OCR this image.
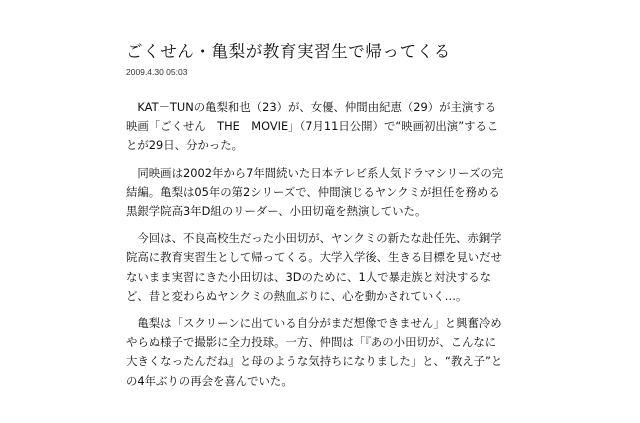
ごくせん・亀梨が教育実習生で帰ってくる
2009.4.30 05:03

KAT－TUNの亀梨和也（23）が、女優、仲間由紀恵（29）が主演する映画「ごくせん　THE　MOVIE」（7月11日公開）で“映画初出演”することが29日、分かった。

同映画は2002年から7年間続いた日本テレビ系人気ドラマシリーズの完結編。亀梨は05年の第2シリーズで、仲間演じるヤンクミが担任を務める黒銀学院高3年D組のリーダー、小田切竜を熱演していた。

今回は、不良高校生だった小田切が、ヤンクミの新たな赴任先、赤銅学院高に教育実習生として帰ってくる。大学入学後、生きる目標を見いだせないまま実習にきた小田切は、3Dのために、1人で暴走族と対決するなど、昔と変わらぬヤンクミの熱血ぶりに、心を動かされていく…。

亀梨は「スクリーンに出ている自分がまだ想像できません」と興奮冷めやらぬ様子で撮影に全力投球。一方、仲間は「『あの小田切が、こんなに大きくなったんだね』と母のような気持ちになりました」と、“教え子”との4年ぶりの再会を喜んでいた。
